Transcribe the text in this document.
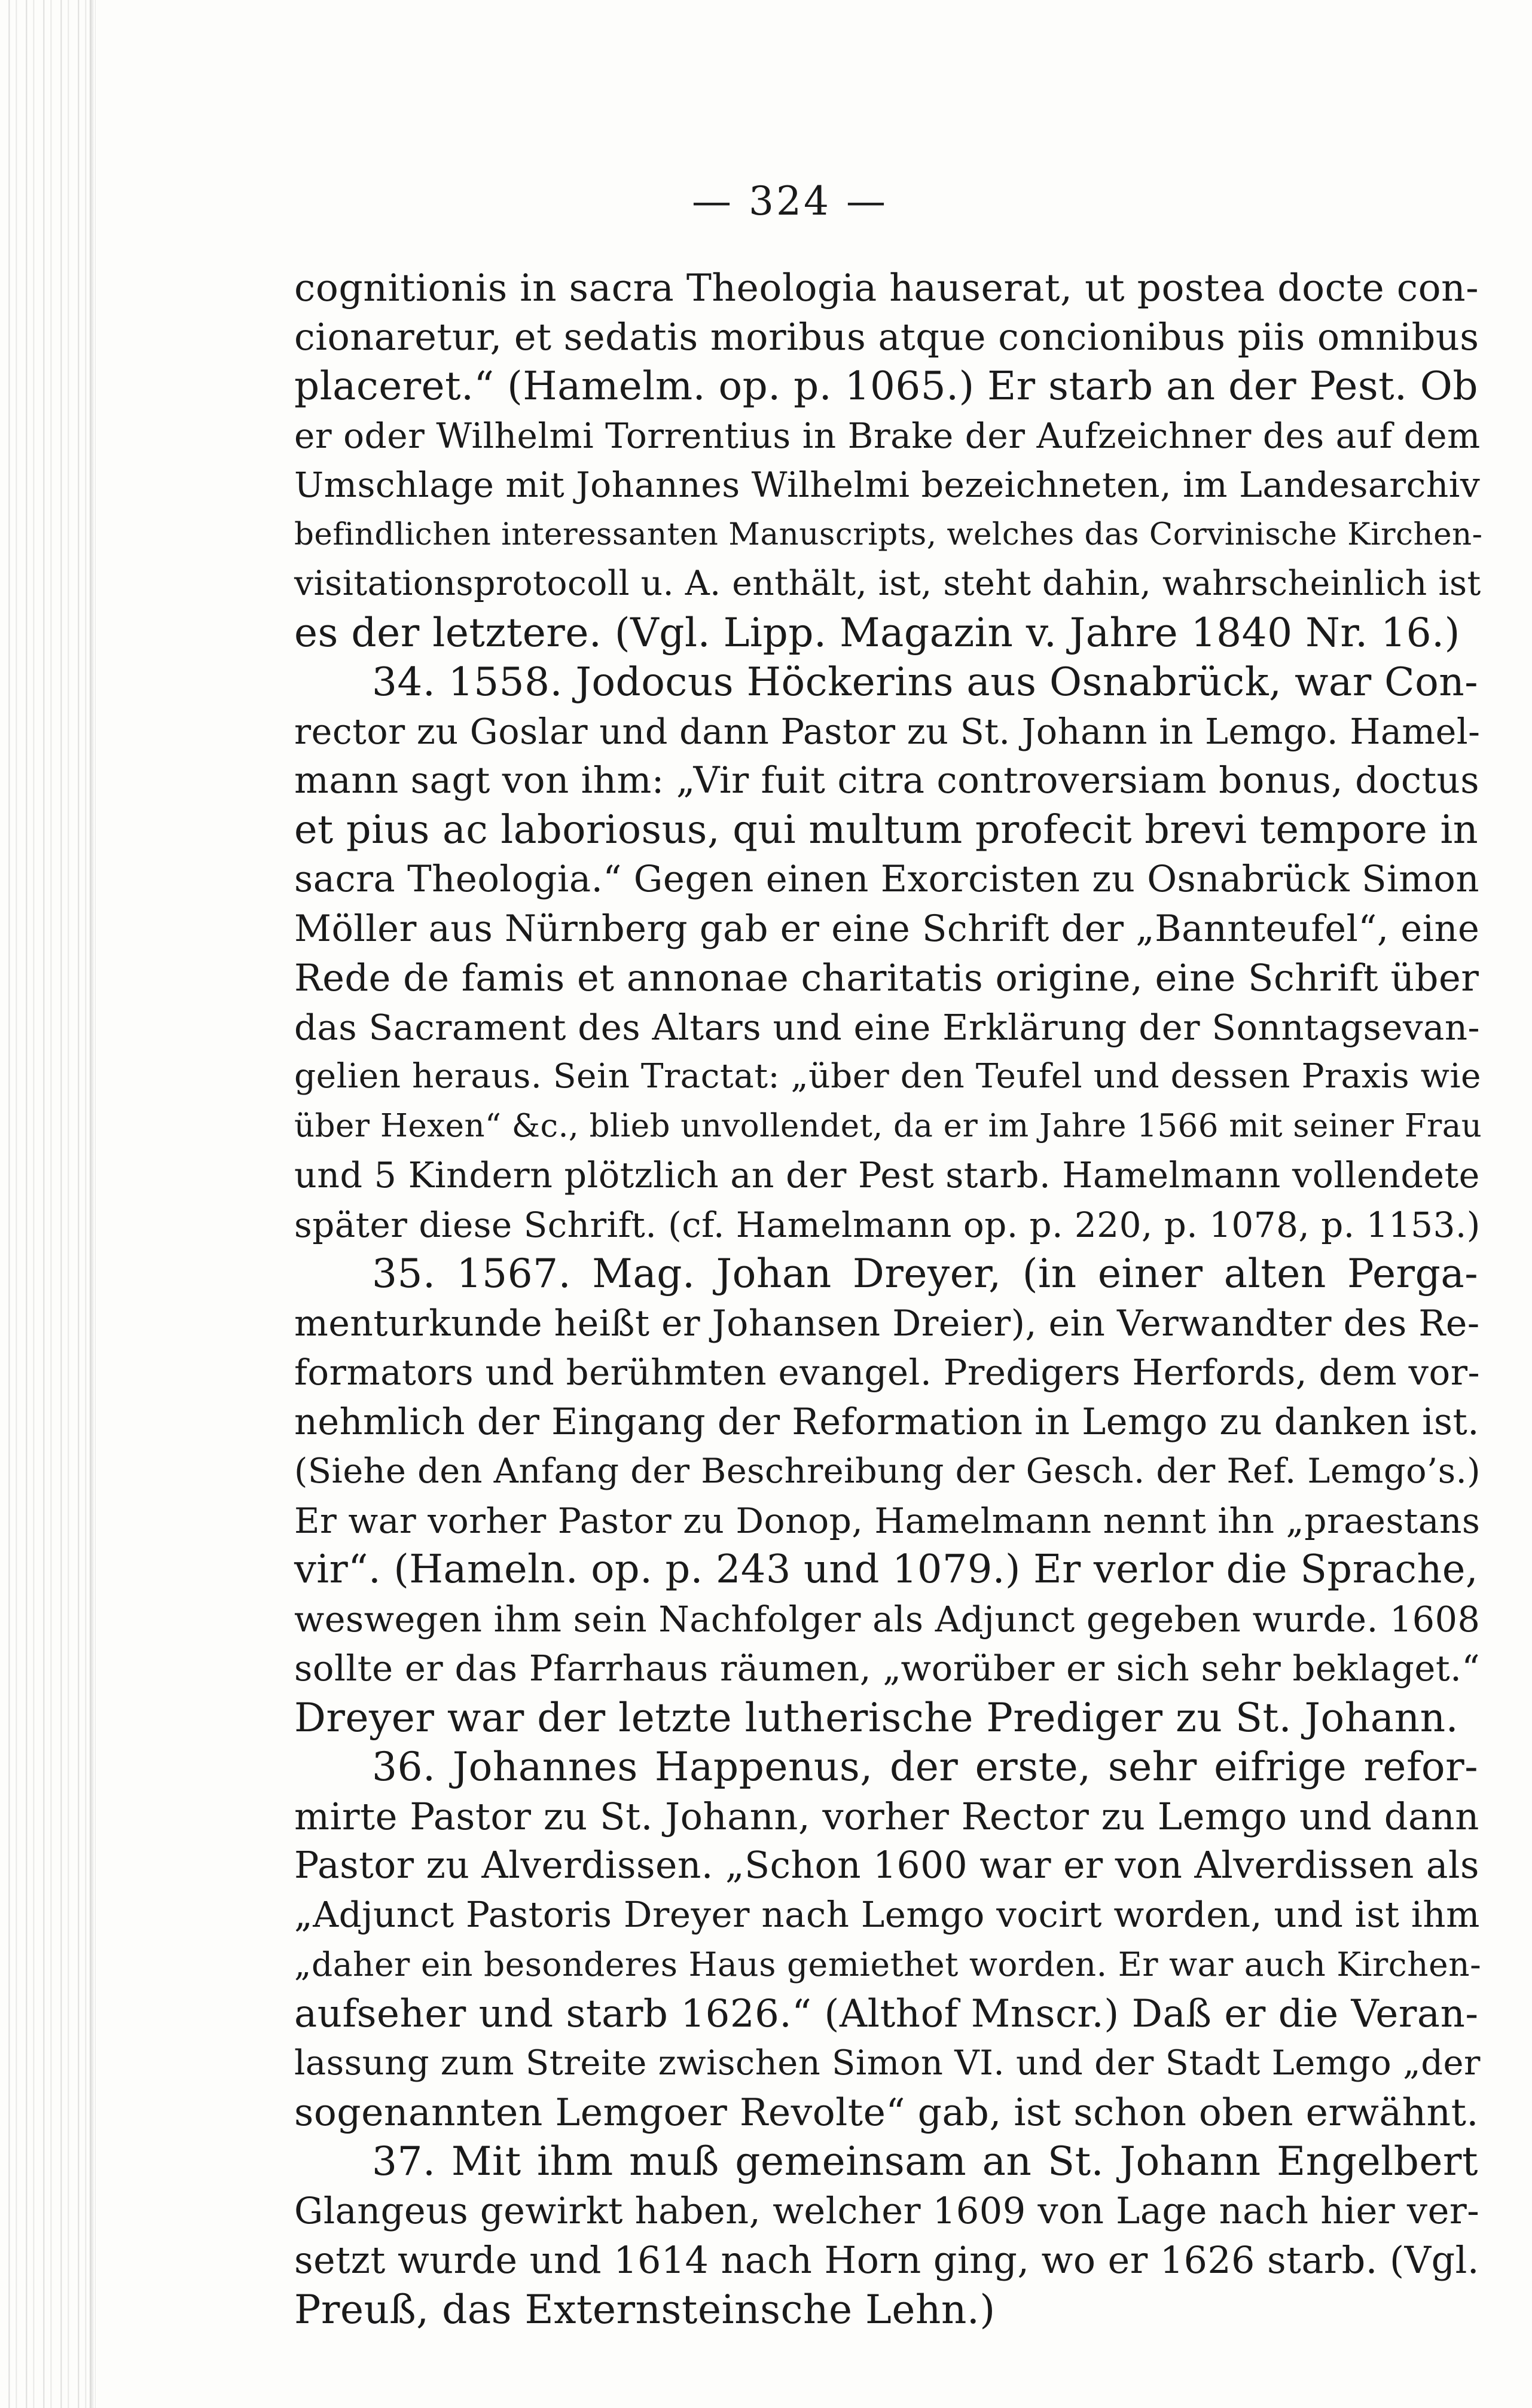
— 324 —
cognitionis in sacra Theologia hauserat, ut postea docte con-
cionaretur, et sedatis moribus atque concionibus piis omnibus
placeret.“ (Hamelm. op. p. 1065.) Er starb an der Pest. Ob
er oder Wilhelmi Torrentius in Brake der Aufzeichner des auf dem
Umschlage mit Johannes Wilhelmi bezeichneten, im Landesarchiv
befindlichen interessanten Manuscripts, welches das Corvinische Kirchen-
visitationsprotocoll u. A. enthält, ist, steht dahin, wahrscheinlich ist
es der letztere. (Vgl. Lipp. Magazin v. Jahre 1840 Nr. 16.)
34. 1558. Jodocus Höckerins aus Osnabrück, war Con-
rector zu Goslar und dann Pastor zu St. Johann in Lemgo. Hamel-
mann sagt von ihm: „Vir fuit citra controversiam bonus, doctus
et pius ac laboriosus, qui multum profecit brevi tempore in
sacra Theologia.“ Gegen einen Exorcisten zu Osnabrück Simon
Möller aus Nürnberg gab er eine Schrift der „Bannteufel“, eine
Rede de famis et annonae charitatis origine, eine Schrift über
das Sacrament des Altars und eine Erklärung der Sonntagsevan-
gelien heraus. Sein Tractat: „über den Teufel und dessen Praxis wie
über Hexen“ &c., blieb unvollendet, da er im Jahre 1566 mit seiner Frau
und 5 Kindern plötzlich an der Pest starb. Hamelmann vollendete
später diese Schrift. (cf. Hamelmann op. p. 220, p. 1078, p. 1153.)
35. 1567. Mag. Johan Dreyer, (in einer alten Perga-
menturkunde heißt er Johansen Dreier), ein Verwandter des Re-
formators und berühmten evangel. Predigers Herfords, dem vor-
nehmlich der Eingang der Reformation in Lemgo zu danken ist.
(Siehe den Anfang der Beschreibung der Gesch. der Ref. Lemgo’s.)
Er war vorher Pastor zu Donop, Hamelmann nennt ihn „praestans
vir“. (Hameln. op. p. 243 und 1079.) Er verlor die Sprache,
weswegen ihm sein Nachfolger als Adjunct gegeben wurde. 1608
sollte er das Pfarrhaus räumen, „worüber er sich sehr beklaget.“
Dreyer war der letzte lutherische Prediger zu St. Johann.
36. Johannes Happenus, der erste, sehr eifrige refor-
mirte Pastor zu St. Johann, vorher Rector zu Lemgo und dann
Pastor zu Alverdissen. „Schon 1600 war er von Alverdissen als
„Adjunct Pastoris Dreyer nach Lemgo vocirt worden, und ist ihm
„daher ein besonderes Haus gemiethet worden. Er war auch Kirchen-
aufseher und starb 1626.“ (Althof Mnscr.) Daß er die Veran-
lassung zum Streite zwischen Simon VI. und der Stadt Lemgo „der
sogenannten Lemgoer Revolte“ gab, ist schon oben erwähnt.
37. Mit ihm muß gemeinsam an St. Johann Engelbert
Glangeus gewirkt haben, welcher 1609 von Lage nach hier ver-
setzt wurde und 1614 nach Horn ging, wo er 1626 starb. (Vgl.
Preuß, das Externsteinsche Lehn.)
